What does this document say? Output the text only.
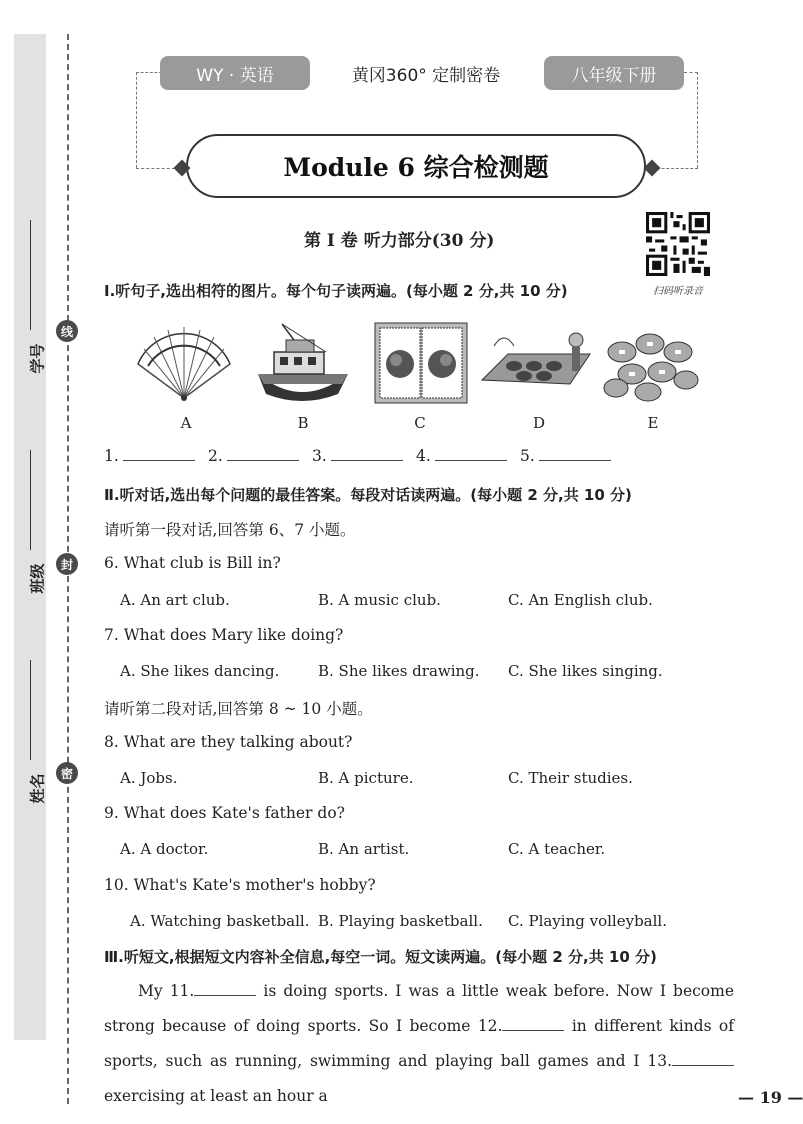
线
封
密
学号
班级
姓名
WY · 英语	黄冈360° 定制密卷	八年级下册
Module 6 综合检测题
第 I 卷 听力部分(30 分)
扫码听录音
I.听句子,选出相符的图片。每个句子读两遍。(每小题 2 分,共 10 分)
A	B	C	D	E
1.	2.	3.	4.	5.
Ⅱ.听对话,选出每个问题的最佳答案。每段对话读两遍。(每小题 2 分,共 10 分)
请听第一段对话,回答第 6、7 小题。
6. What club is Bill in?
A. An art club.	B. A music club.	C. An English club.
7. What does Mary like doing?
A. She likes dancing.	B. She likes drawing. C. She likes singing.
请听第二段对话,回答第 8 ~ 10 小题。
8. What are they talking about?
A. Jobs.	B. A picture.	C. Their studies.
9. What does Kate's father do?
A. A doctor.	B. An artist.	C. A teacher.
10. What's Kate's mother's hobby?
A. Watching basketball. B. Playing basketball. C. Playing volleyball.
Ⅲ.听短文,根据短文内容补全信息,每空一词。短文读两遍。(每小题 2 分,共 10 分)
My 11.	is doing sports. I was a little weak before. Now I become strong because of doing sports. So I become 12.	in different kinds of sports, such as running, swimming and playing ball games and I 13. exercising at least an hour a	— 19 —
